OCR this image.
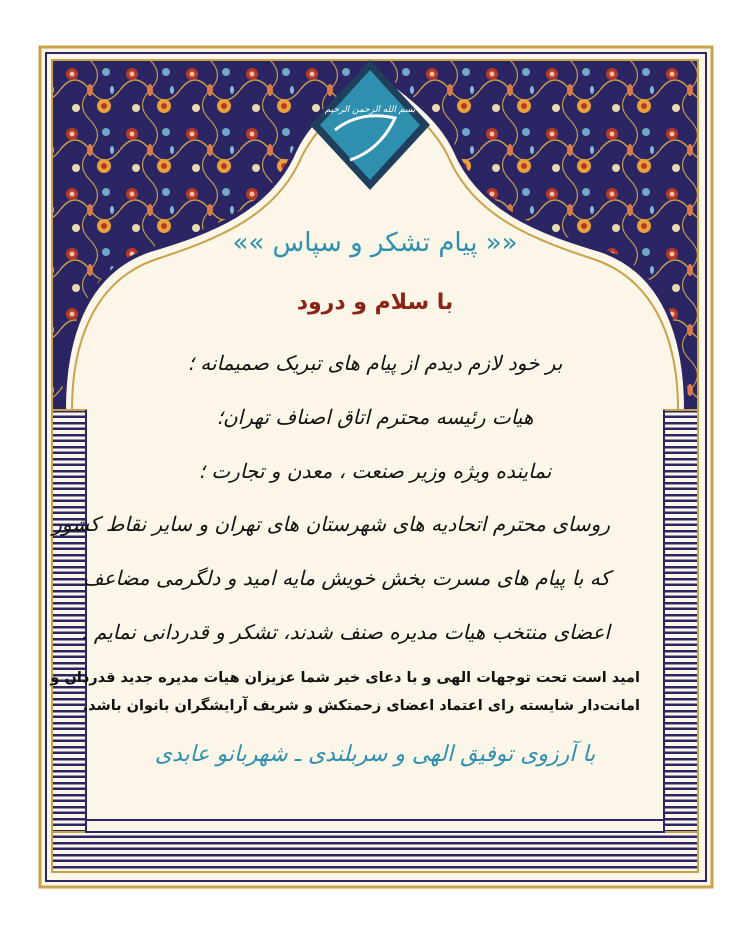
بسم الله الرحمن الرحیم
«« پیام تشکر و سپاس »»
با سلام و درود
بر خود لازم دیدم از پیام های تبریک صمیمانه ؛
هیات رئیسه محترم اتاق اصناف تهران؛
نماینده ویژه وزیر صنعت ، معدن و تجارت ؛
روسای محترم اتحادیه های شهرستان های تهران و سایر نقاط کشور
که با پیام های مسرت بخش خویش مایه امید و دلگرمی مضاعف
اعضای منتخب هیات مدیره صنف شدند، تشکر و قدردانی نمایم .
امید است تحت توجهات الهی و با دعای خیر شما عزیزان هیات مدیره جدید قدردان و
امانت‌دار شایسته رای اعتماد اعضای زحمتکش و شریف آرایشگران بانوان باشد.
با آرزوی توفیق الهی و سربلندی ـ شهربانو عابدی
